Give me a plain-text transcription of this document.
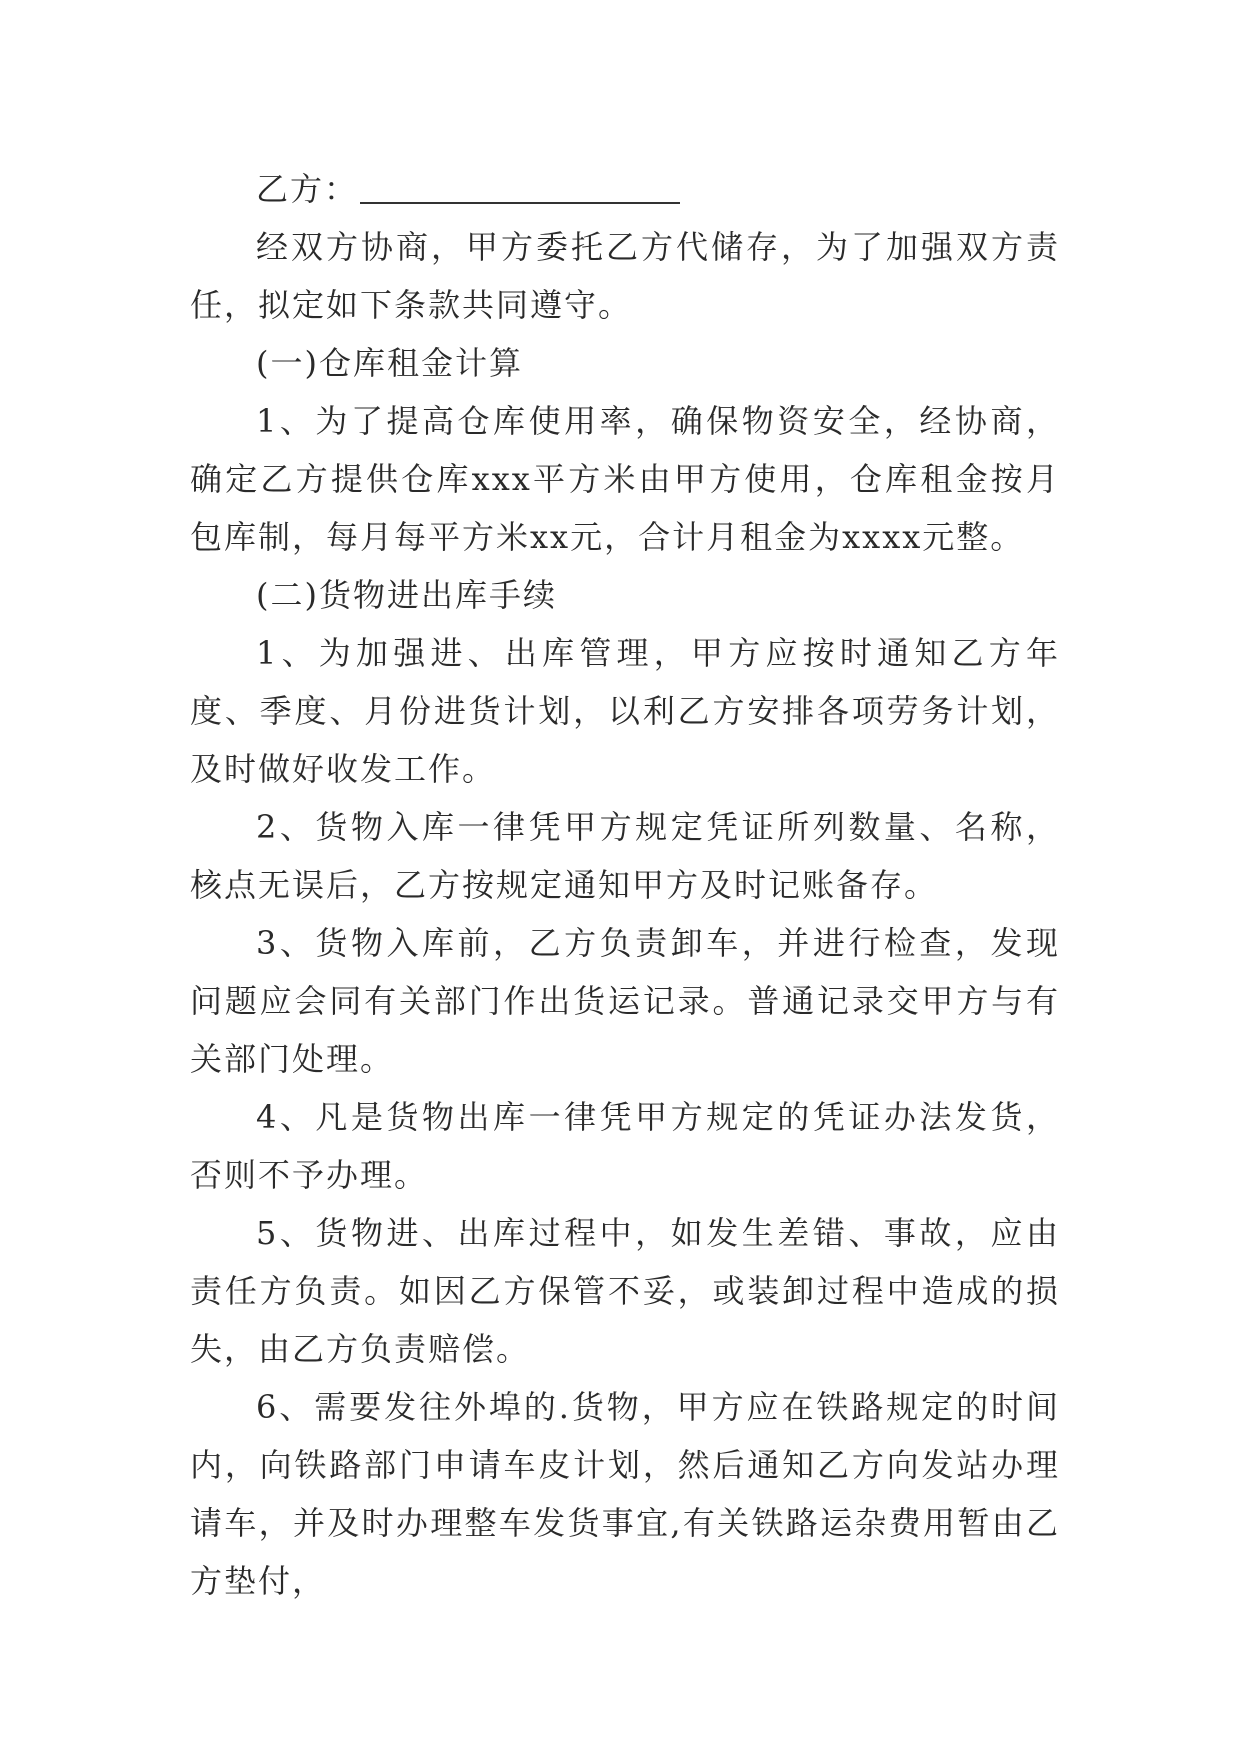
乙方：

经双方协商，甲方委托乙方代储存，为了加强双方责任，拟定如下条款共同遵守。

(一)仓库租金计算

1、为了提高仓库使用率，确保物资安全，经协商，确定乙方提供仓库xxx平方米由甲方使用，仓库租金按月包库制，每月每平方米xx元，合计月租金为xxxx元整。

(二)货物进出库手续

1、为加强进、出库管理，甲方应按时通知乙方年度、季度、月份进货计划，以利乙方安排各项劳务计划，及时做好收发工作。

2、货物入库一律凭甲方规定凭证所列数量、名称，核点无误后，乙方按规定通知甲方及时记账备存。

3、货物入库前，乙方负责卸车，并进行检查，发现问题应会同有关部门作出货运记录。普通记录交甲方与有关部门处理。

4、凡是货物出库一律凭甲方规定的凭证办法发货，否则不予办理。

5、货物进、出库过程中，如发生差错、事故，应由责任方负责。如因乙方保管不妥，或装卸过程中造成的损失，由乙方负责赔偿。

6、需要发往外埠的.货物，甲方应在铁路规定的时间内，向铁路部门申请车皮计划，然后通知乙方向发站办理请车，并及时办理整车发货事宜,有关铁路运杂费用暂由乙方垫付，
